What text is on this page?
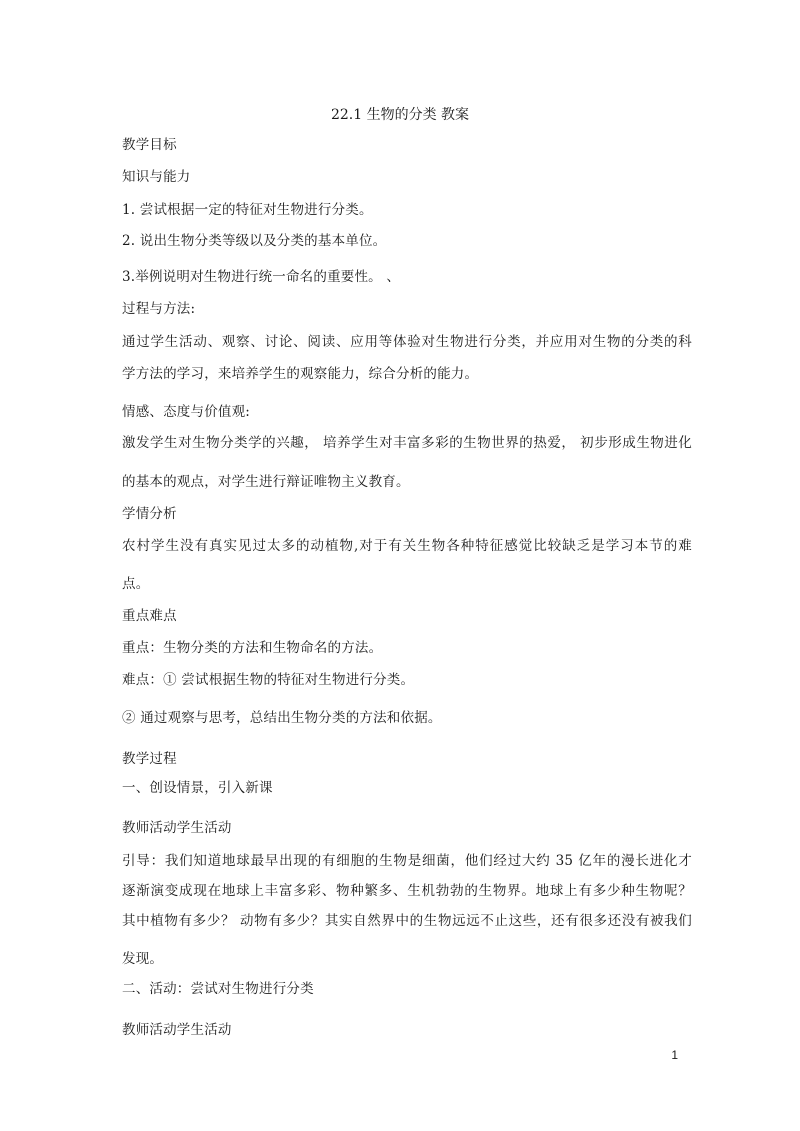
22.1 生物的分类 教案
教学目标
知识与能力
1. 尝试根据一定的特征对生物进行分类。
2. 说出生物分类等级以及分类的基本单位。
3.举例说明对生物进行统一命名的重要性。 、
过程与方法:
通过学生活动、观察、讨论、阅读、应用等体验对生物进行分类，并应用对生物的分类的科
学方法的学习，来培养学生的观察能力，综合分析的能力。
情感、态度与价值观:
激发学生对生物分类学的兴趣， 培养学生对丰富多彩的生物世界的热爱， 初步形成生物进化
的基本的观点，对学生进行辩证唯物主义教育。
学情分析
农村学生没有真实见过太多的动植物,对于有关生物各种特征感觉比较缺乏是学习本节的难
点。
重点难点
重点：生物分类的方法和生物命名的方法。
难点：① 尝试根据生物的特征对生物进行分类。
② 通过观察与思考，总结出生物分类的方法和依据。
教学过程
一、创设情景，引入新课
教师活动学生活动
引导：我们知道地球最早出现的有细胞的生物是细菌，他们经过大约 35 亿年的漫长进化才
逐渐演变成现在地球上丰富多彩、物种繁多、生机勃勃的生物界。地球上有多少种生物呢？
其中植物有多少？ 动物有多少？其实自然界中的生物远远不止这些，还有很多还没有被我们
发现。
二、活动：尝试对生物进行分类
教师活动学生活动
1
